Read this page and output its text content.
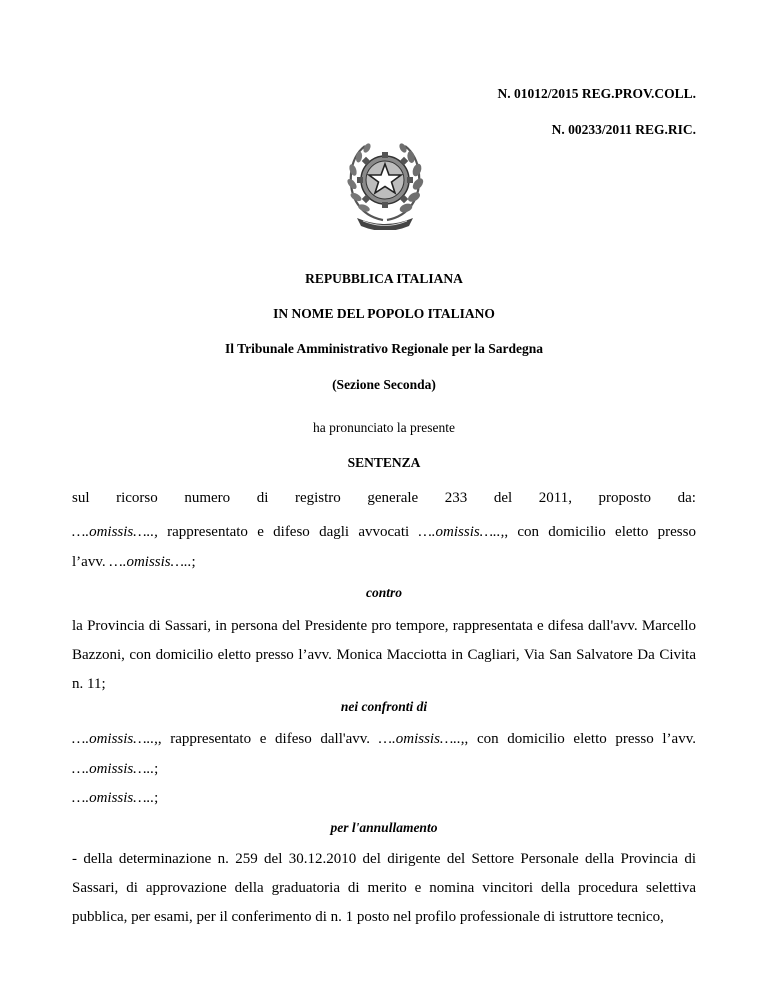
N. 01012/2015 REG.PROV.COLL.
N. 00233/2011 REG.RIC.
REPUBBLICA ITALIANA
IN NOME DEL POPOLO ITALIANO
Il Tribunale Amministrativo Regionale per la Sardegna
(Sezione Seconda)
ha pronunciato la presente
SENTENZA
sul ricorso numero di registro generale 233 del 2011, proposto da:
….omissis….., rappresentato e difeso dagli avvocati ….omissis…..,, con domicilio eletto presso
l’avv. ….omissis…..;
contro
la Provincia di Sassari, in persona del Presidente pro tempore, rappresentata e difesa dall'avv. Marcello Bazzoni, con domicilio eletto presso l’avv. Monica Macciotta in Cagliari, Via San Salvatore Da Civita n. 11;
nei confronti di
….omissis…..,, rappresentato e difeso dall'avv. ….omissis…..,, con domicilio eletto presso l’avv.
….omissis…..;
….omissis…..;
per l'annullamento
- della determinazione n. 259 del 30.12.2010 del dirigente del Settore Personale della Provincia di Sassari, di approvazione della graduatoria di merito e nomina vincitori della procedura selettiva pubblica, per esami, per il conferimento di n. 1 posto nel profilo professionale di istruttore tecnico,
